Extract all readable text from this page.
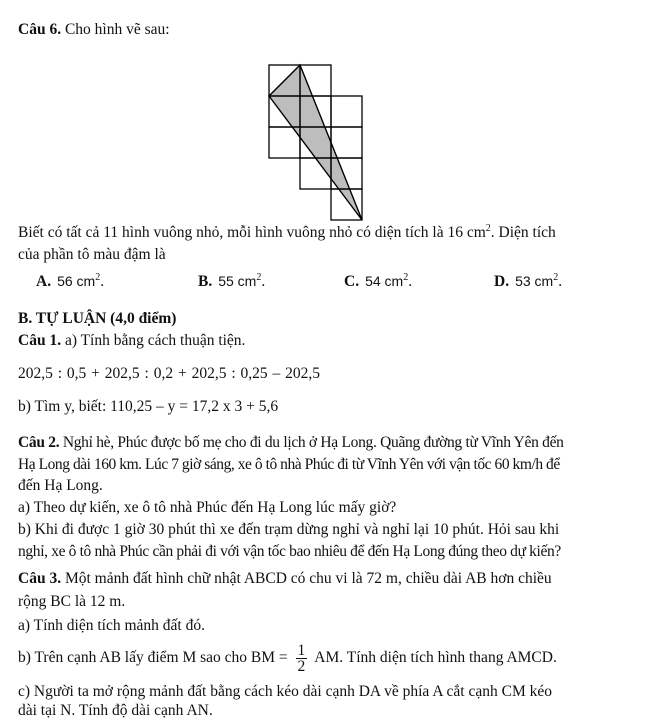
Câu 6. Cho hình vẽ sau:
Biết có tất cả 11 hình vuông nhỏ, mỗi hình vuông nhỏ có diện tích là 16 $cm^2$. Diện tích
của phần tô màu đậm là
A. 56 $cm^2$.	B. 55 $cm^2$.	C. 54 $cm^2$.	D. 53 $cm^2$.
B. TỰ LUẬN (4,0 điểm)
Câu 1. a) Tính bằng cách thuận tiện.
202,5 : 0,5 + 202,5 : 0,2 + 202,5 : 0,25 – 202,5
b) Tìm y, biết: 110,25 – y = 17,2 x 3 + 5,6
Câu 2. Nghỉ hè, Phúc được bố mẹ cho đi du lịch ở Hạ Long. Quãng đường từ Vĩnh Yên đến
Hạ Long dài 160 km. Lúc 7 giờ sáng, xe ô tô nhà Phúc đi từ Vĩnh Yên với vận tốc 60 km/h để
đến Hạ Long.
a) Theo dự kiến, xe ô tô nhà Phúc đến Hạ Long lúc mấy giờ?
b) Khi đi được 1 giờ 30 phút thì xe đến trạm dừng nghỉ và nghỉ lại 10 phút. Hỏi sau khi
nghỉ, xe ô tô nhà Phúc cần phải đi với vận tốc bao nhiêu để đến Hạ Long đúng theo dự kiến?
Câu 3. Một mảnh đất hình chữ nhật ABCD có chu vi là 72 m, chiều dài AB hơn chiều
rộng BC là 12 m.
a) Tính diện tích mảnh đất đó.
b) Trên cạnh AB lấy điểm M sao cho BM = $\frac{1}{2}$ AM. Tính diện tích hình thang AMCD.
c) Người ta mở rộng mảnh đất bằng cách kéo dài cạnh DA về phía A cắt cạnh CM kéo
dài tại N. Tính độ dài cạnh AN.
